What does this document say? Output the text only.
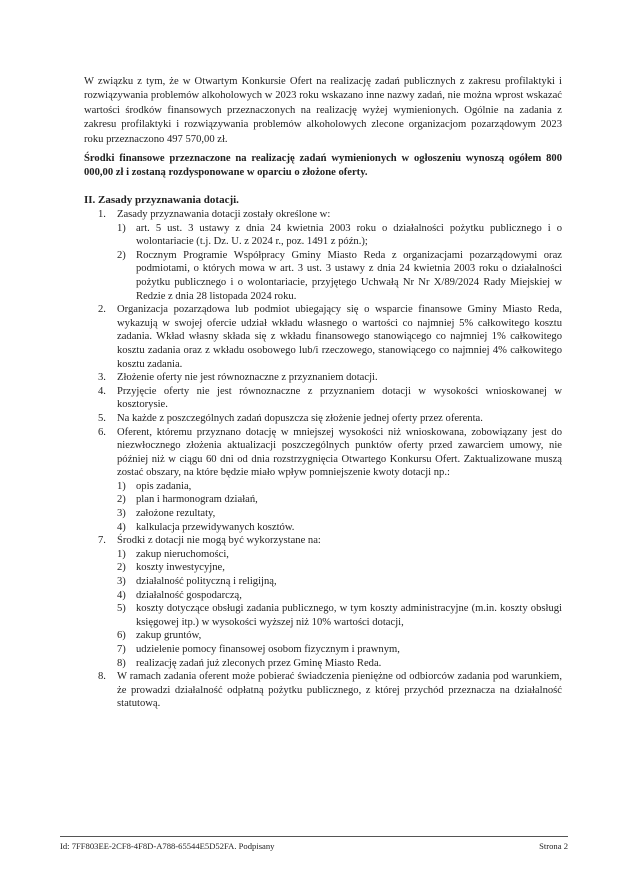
W związku z tym, że w Otwartym Konkursie Ofert na realizację zadań publicznych z zakresu profilaktyki i rozwiązywania problemów alkoholowych w 2023 roku wskazano inne nazwy zadań, nie można wprost wskazać wartości środków finansowych przeznaczonych na realizację wyżej wymienionych. Ogólnie na zadania z zakresu profilaktyki i rozwiązywania problemów alkoholowych zlecone organizacjom pozarządowym 2023 roku przeznaczono 497 570,00 zł.

Środki finansowe przeznaczone na realizację zadań wymienionych w ogłoszeniu wynoszą ogółem 800 000,00 zł i zostaną rozdysponowane w oparciu o złożone oferty.

II. Zasady przyznawania dotacji.

1. Zasady przyznawania dotacji zostały określone w:
1) art. 5 ust. 3 ustawy z dnia 24 kwietnia 2003 roku o działalności pożytku publicznego i o wolontariacie (t.j. Dz. U. z 2024 r., poz. 1491 z późn.);
2) Rocznym Programie Współpracy Gminy Miasto Reda z organizacjami pozarządowymi oraz podmiotami, o których mowa w art. 3 ust. 3 ustawy z dnia 24 kwietnia 2003 roku o działalności pożytku publicznego i o wolontariacie, przyjętego Uchwałą Nr Nr X/89/2024 Rady Miejskiej w Redzie z dnia 28 listopada 2024 roku.
2. Organizacja pozarządowa lub podmiot ubiegający się o wsparcie finansowe Gminy Miasto Reda, wykazują w swojej ofercie udział wkładu własnego o wartości co najmniej 5% całkowitego kosztu zadania. Wkład własny składa się z wkładu finansowego stanowiącego co najmniej 1% całkowitego kosztu zadania oraz z wkładu osobowego lub/i rzeczowego, stanowiącego co najmniej 4% całkowitego kosztu zadania.
3. Złożenie oferty nie jest równoznaczne z przyznaniem dotacji.
4. Przyjęcie oferty nie jest równoznaczne z przyznaniem dotacji w wysokości wnioskowanej w kosztorysie.
5. Na każde z poszczególnych zadań dopuszcza się złożenie jednej oferty przez oferenta.
6. Oferent, któremu przyznano dotację w mniejszej wysokości niż wnioskowana, zobowiązany jest do niezwłocznego złożenia aktualizacji poszczególnych punktów oferty przed zawarciem umowy, nie później niż w ciągu 60 dni od dnia rozstrzygnięcia Otwartego Konkursu Ofert. Zaktualizowane muszą zostać obszary, na które będzie miało wpływ pomniejszenie kwoty dotacji np.:
1) opis zadania,
2) plan i harmonogram działań,
3) założone rezultaty,
4) kalkulacja przewidywanych kosztów.
7. Środki z dotacji nie mogą być wykorzystane na:
1) zakup nieruchomości,
2) koszty inwestycyjne,
3) działalność polityczną i religijną,
4) działalność gospodarczą,
5) koszty dotyczące obsługi zadania publicznego, w tym koszty administracyjne (m.in. koszty obsługi księgowej itp.) w wysokości wyższej niż 10% wartości dotacji,
6) zakup gruntów,
7) udzielenie pomocy finansowej osobom fizycznym i prawnym,
8) realizację zadań już zleconych przez Gminę Miasto Reda.
8. W ramach zadania oferent może pobierać świadczenia pieniężne od odbiorców zadania pod warunkiem, że prowadzi działalność odpłatną pożytku publicznego, z której przychód przeznacza na działalność statutową.
Id: 7FF803EE-2CF8-4F8D-A788-65544E5D52FA. Podpisany	Strona 2
